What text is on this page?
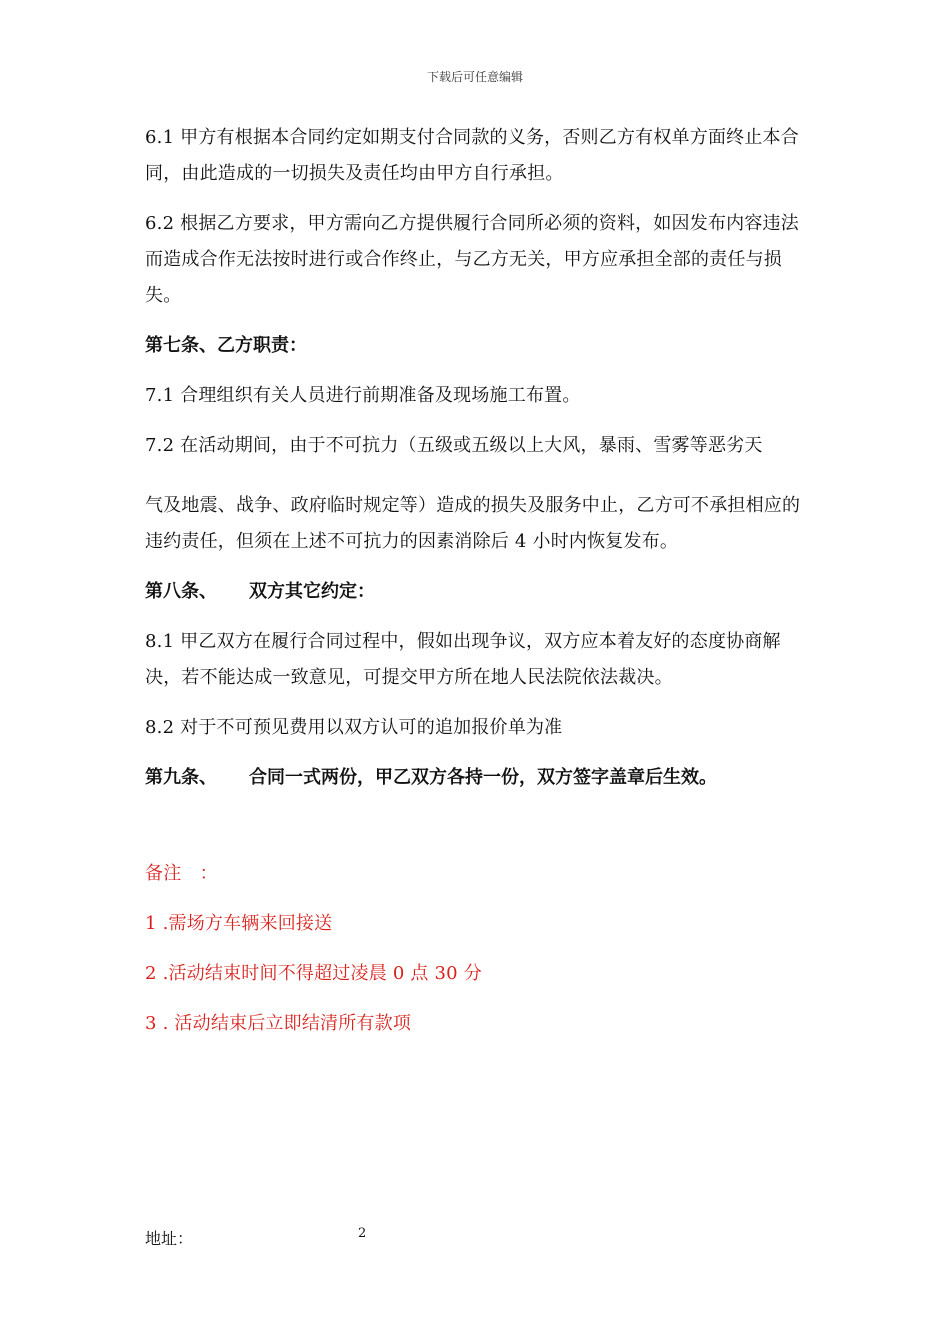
下载后可任意编辑

6.1 甲方有根据本合同约定如期支付合同款的义务，否则乙方有权单方面终止本合同，由此造成的一切损失及责任均由甲方自行承担。

6.2 根据乙方要求，甲方需向乙方提供履行合同所必须的资料，如因发布内容违法而造成合作无法按时进行或合作终止，与乙方无关，甲方应承担全部的责任与损失。

第七条、乙方职责：

7.1 合理组织有关人员进行前期准备及现场施工布置。

7.2 在活动期间，由于不可抗力（五级或五级以上大风，暴雨、雪雾等恶劣天

气及地震、战争、政府临时规定等）造成的损失及服务中止，乙方可不承担相应的违约责任，但须在上述不可抗力的因素消除后 4 小时内恢复发布。

第八条、 双方其它约定：

8.1 甲乙双方在履行合同过程中，假如出现争议，双方应本着友好的态度协商解决，若不能达成一致意见，可提交甲方所在地人民法院依法裁决。

8.2 对于不可预见费用以双方认可的追加报价单为准

第九条、 合同一式两份，甲乙双方各持一份，双方签字盖章后生效。

备注　：

1 .需场方车辆来回接送

2 .活动结束时间不得超过凌晨 0 点 30 分

3 . 活动结束后立即结清所有款项

地址：	2
